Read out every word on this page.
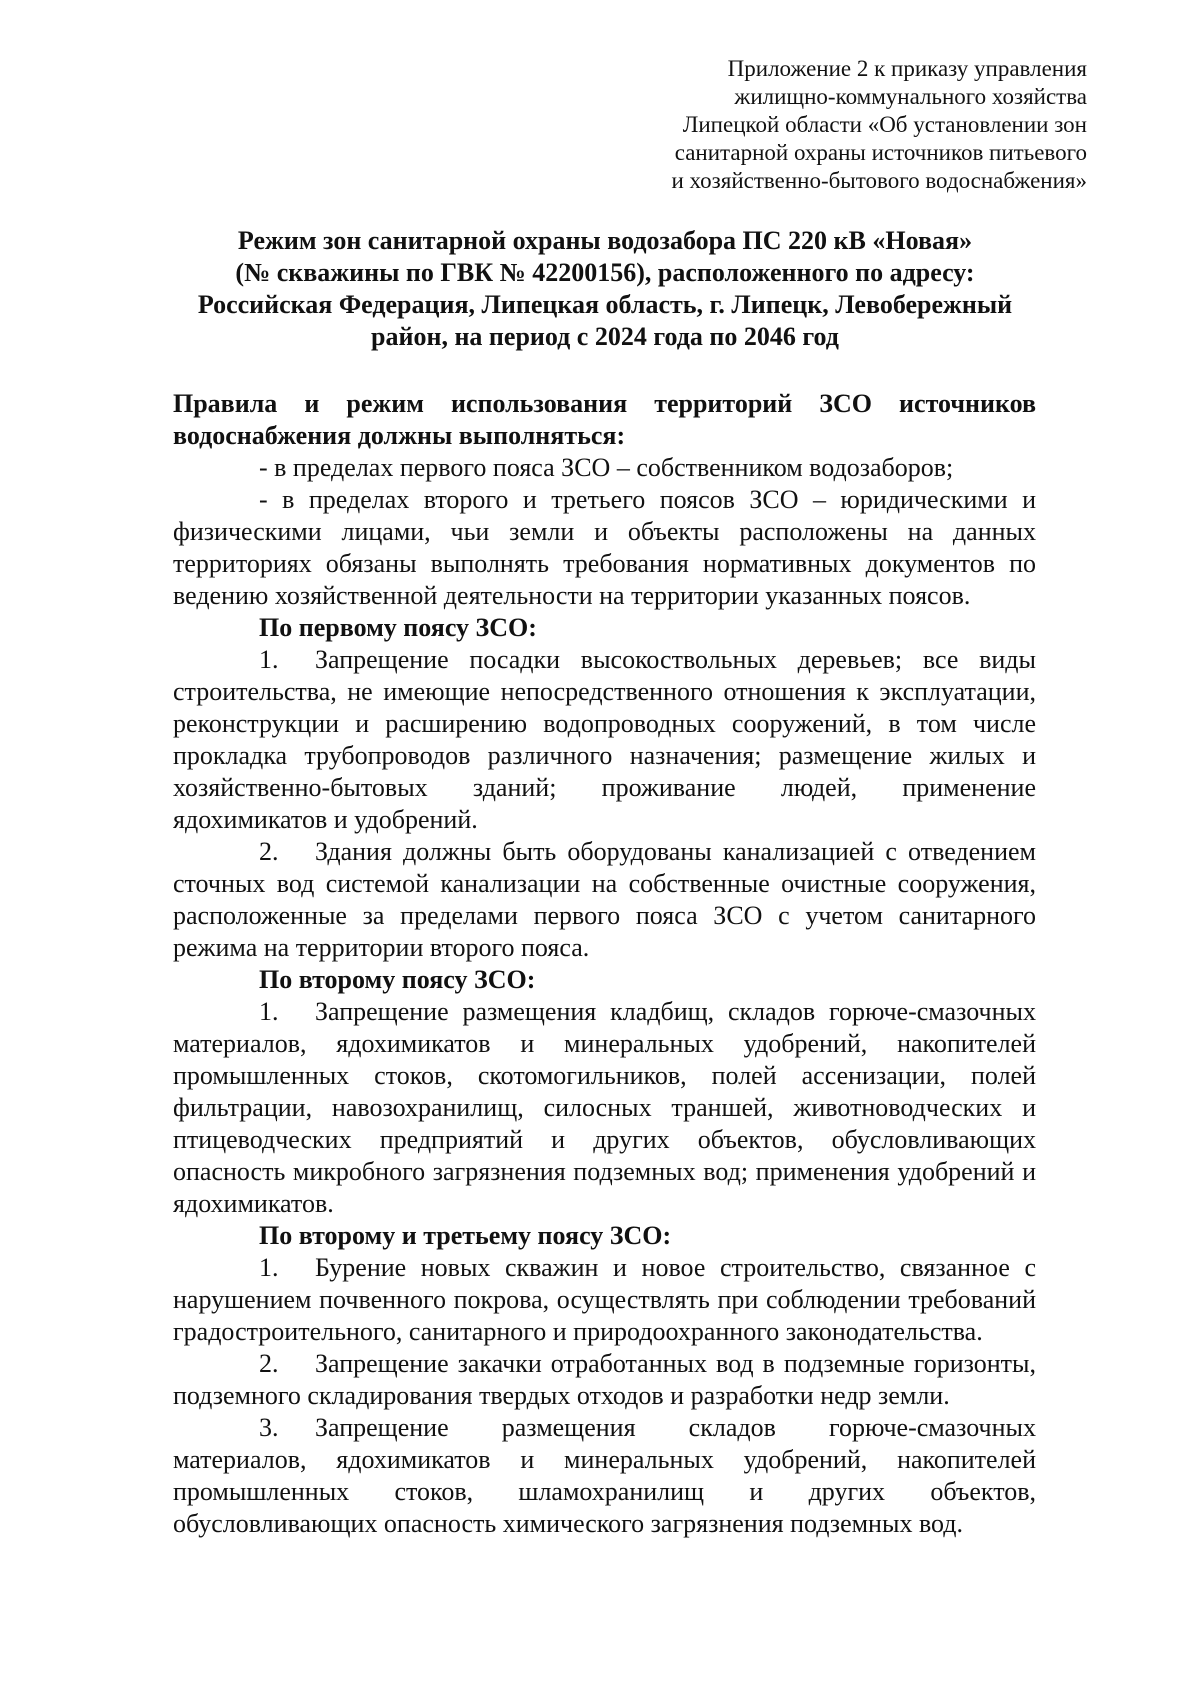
Приложение 2 к приказу управления
жилищно-коммунального хозяйства
Липецкой области «Об установлении зон
санитарной охраны источников питьевого
и хозяйственно-бытового водоснабжения»
Режим зон санитарной охраны водозабора ПС 220 кВ «Новая»
(№ скважины по ГВК № 42200156), расположенного по адресу:
Российская Федерация, Липецкая область, г. Липецк, Левобережный
район, на период с 2024 года по 2046 год

Правила и режим использования территорий ЗСО источников водоснабжения должны выполняться:

- в пределах первого пояса ЗСО – собственником водозаборов;

- в пределах второго и третьего поясов ЗСО – юридическими и физическими лицами, чьи земли и объекты расположены на данных территориях обязаны выполнять требования нормативных документов по ведению хозяйственной деятельности на территории указанных поясов.

По первому поясу ЗСО:

1. Запрещение посадки высокоствольных деревьев; все виды строительства, не имеющие непосредственного отношения к эксплуатации, реконструкции и расширению водопроводных сооружений, в том числе прокладка трубопроводов различного назначения; размещение жилых и хозяйственно-бытовых зданий; проживание людей, применение ядохимикатов и удобрений.

2. Здания должны быть оборудованы канализацией с отведением сточных вод системой канализации на собственные очистные сооружения, расположенные за пределами первого пояса ЗСО с учетом санитарного режима на территории второго пояса.

По второму поясу ЗСО:

1. Запрещение размещения кладбищ, складов горюче-смазочных материалов, ядохимикатов и минеральных удобрений, накопителей промышленных стоков, скотомогильников, полей ассенизации, полей фильтрации, навозохранилищ, силосных траншей, животноводческих и птицеводческих предприятий и других объектов, обусловливающих опасность микробного загрязнения подземных вод; применения удобрений и ядохимикатов.

По второму и третьему поясу ЗСО:

1. Бурение новых скважин и новое строительство, связанное с нарушением почвенного покрова, осуществлять при соблюдении требований градостроительного, санитарного и природоохранного законодательства.

2. Запрещение закачки отработанных вод в подземные горизонты, подземного складирования твердых отходов и разработки недр земли.

3. Запрещение размещения складов горюче-смазочных материалов, ядохимикатов и минеральных удобрений, накопителей промышленных стоков, шламохранилищ и других объектов, обусловливающих опасность химического загрязнения подземных вод.
